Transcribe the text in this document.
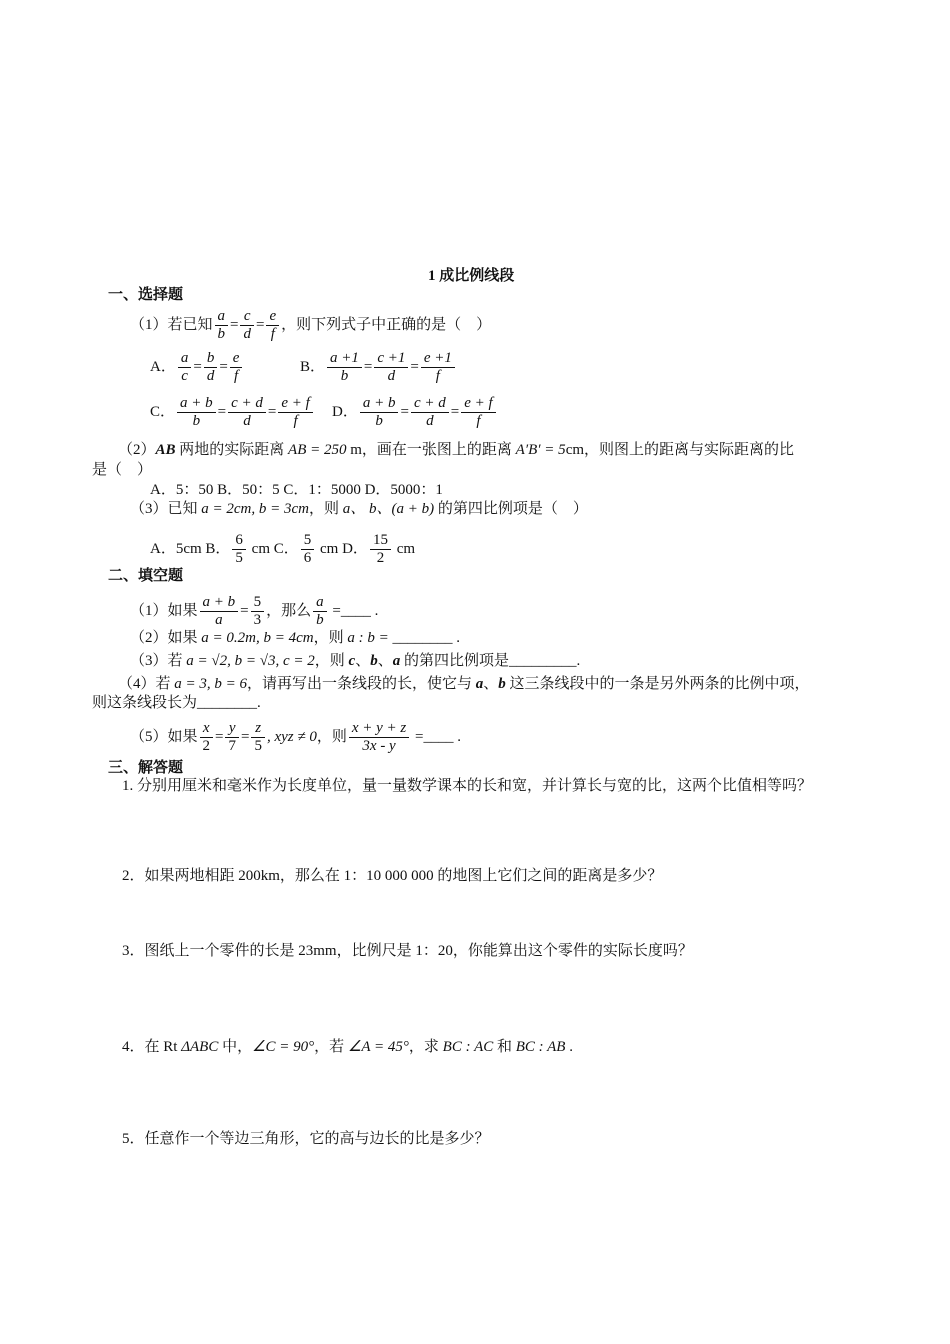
1 成比例线段
一、选择题
（1）若已知 $\frac{a}{b} = \frac{c}{d} = \frac{e}{f}$ ，则下列式子中正确的是（　）
A． $\frac{a}{c} = \frac{b}{d} = \frac{e}{f}$	B． $\frac{a +1}{b} = \frac{c +1}{d} = \frac{e +1}{f}$
C． $\frac{a + b}{b} = \frac{c + d}{d} = \frac{e + f}{f}$ D． $\frac{a + b}{b} = \frac{c + d}{d} = \frac{e + f}{f}$
（2）AB 两地的实际距离 AB = 250 m，画在一张图上的距离 A′B′ = 5cm，则图上的距离与实际距离的比
是（　）
A．5：50 B．50：5 C．1：5000 D．5000：1
（3）已知 a = 2cm, b = 3cm，则 a、 b、(a + b) 的第四比例项是（　）
A．5cm B． $\frac{6}{5}$ cm C． $\frac{5}{6}$ cm D． $\frac{15}{2}$ cm
二、填空题
（1）如果 $\frac{a + b}{a} = \frac{5}{3}$ ，那么 $\frac{a}{b}$ =____ .
（2）如果 a = 0.2m, b = 4cm，则 a : b = ________ .
（3）若 a = √2, b = √3, c = 2，则 c、b、a 的第四比例项是_________.
（4）若 a = 3, b = 6，请再写出一条线段的长，使它与 a、b 这三条线段中的一条是另外两条的比例中项，
则这条线段长为________.
（5）如果 $\frac{x}{2} = \frac{y}{7} = \frac{z}{5}$ , xyz ≠ 0，则 $\frac{x + y + z}{3x - y}$ =____ .
三、解答题
1. 分别用厘米和毫米作为长度单位，量一量数学课本的长和宽，并计算长与宽的比，这两个比值相等吗？
2．如果两地相距 200km，那么在 1：10 000 000 的地图上它们之间的距离是多少？
3．图纸上一个零件的长是 23mm，比例尺是 1：20，你能算出这个零件的实际长度吗？
4．在 Rt ΔABC 中，∠C = 90°，若 ∠A = 45°，求 BC : AC 和 BC : AB .
5．任意作一个等边三角形，它的高与边长的比是多少？
